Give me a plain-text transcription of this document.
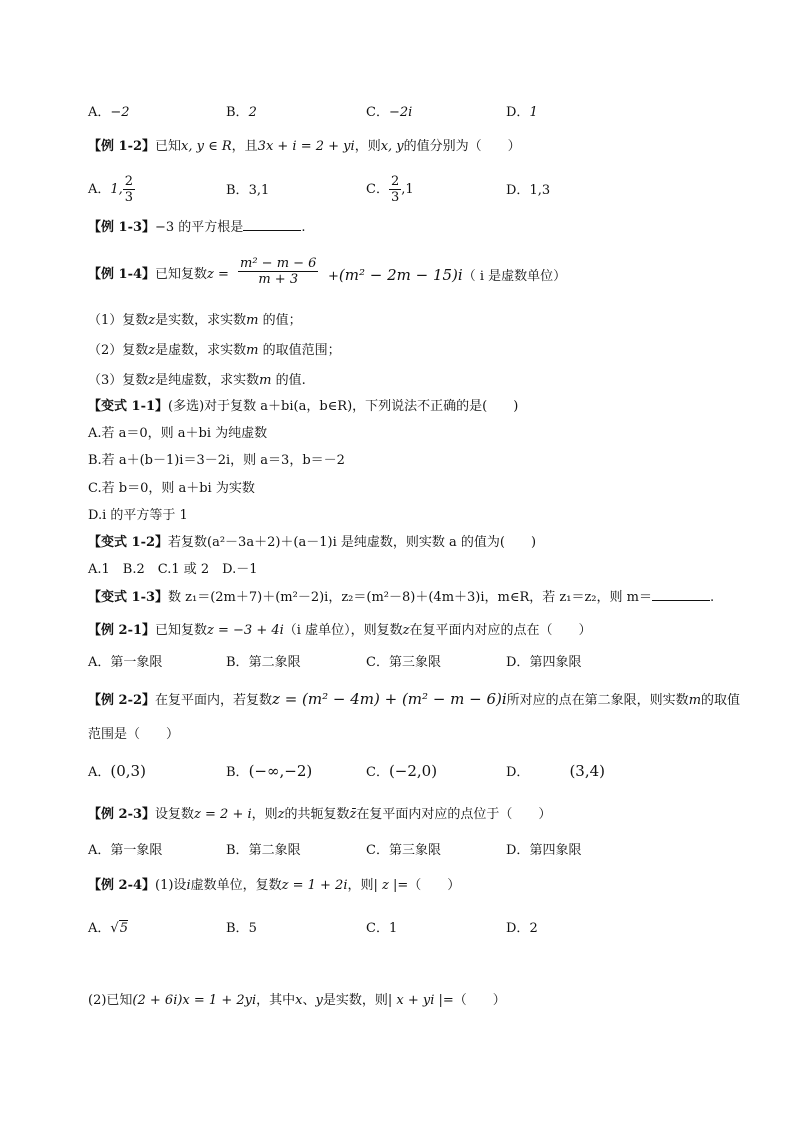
A．−2	B．2	C．−2i	D．1
【例 1-2】已知x, y ∈ R，且3x + i = 2 + yi，则x, y的值分别为（　　）
A．1, $\frac{2}{3}$	B．3,1	C． $\frac{2}{3} ,1$	D．1,3
【例 1-3】−3 的平方根是	.
【例 1-4】已知复数$z = \frac{\text{m² − m − 6}}{m + 3} +(m^2 - 2m - 15)i$（ i 是虚数单位）
（1）复数z是实数，求实数m 的值；
（2）复数z是虚数，求实数m 的取值范围；
（3）复数z是纯虚数，求实数m 的值.
【变式 1-1】(多选)对于复数 a＋bi(a，b∈R)，下列说法不正确的是(　　)
A.若 a＝0，则 a＋bi 为纯虚数
B.若 a＋(b－1)i＝3－2i，则 a＝3，b＝－2
C.若 b＝0，则 a＋bi 为实数
D.i 的平方等于 1
【变式 1-2】若复数(a²－3a＋2)＋(a－1)i 是纯虚数，则实数 a 的值为(　　)
A.1　B.2　C.1 或 2　D.－1
【变式 1-3】数 z₁＝(2m＋7)＋(m²－2)i，z₂＝(m²－8)＋(4m＋3)i，m∈R，若 z₁＝z₂，则 m＝	.
【例 2-1】已知复数z = −3 + 4i（i 虚单位），则复数z在复平面内对应的点在（　　）
A．第一象限	B．第二象限	C．第三象限	D．第四象限
【例 2-2】在复平面内，若复数z = (m² − 4m) + (m² − m − 6)i所对应的点在第二象限，则实数m的取值
范围是（　　）
A．(0,3)	B．(−∞,−2)	C．(−2,0)	D．	(3,4)
【例 2-3】设复数z = 2 + i，则z的共轭复数z̄在复平面内对应的点位于（　　）
A．第一象限	B．第二象限	C．第三象限	D．第四象限
【例 2-4】(1)设i虚数单位，复数z = 1 + 2i，则| z |=（　　）
A．√5	B．5	C．1	D．2
(2)已知(2 + 6i)x = 1 + 2yi，其中x、y是实数，则| x + yi |=（　　）
